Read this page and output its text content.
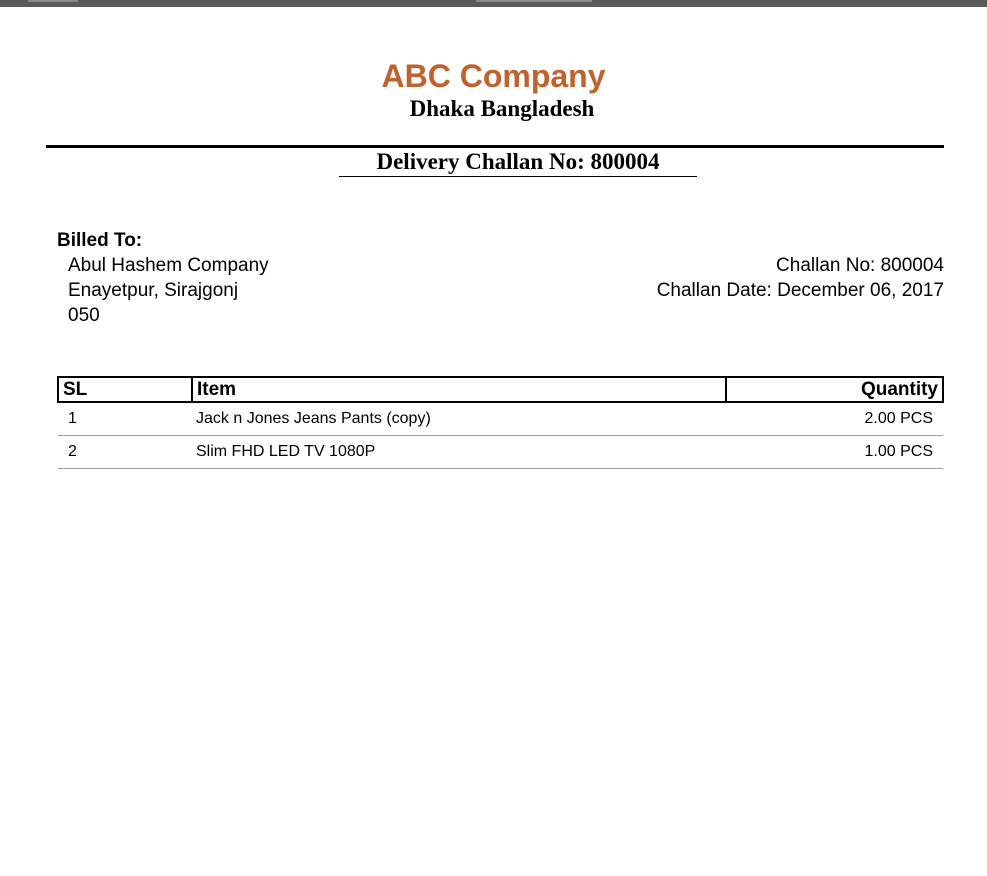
ABC Company
Dhaka Bangladesh
Delivery Challan No: 800004
Billed To:
Abul Hashem Company
Enayetpur, Sirajgonj
050
Challan No: 800004
Challan Date: December 06, 2017
SL	Item	Quantity
1	Jack n Jones Jeans Pants (copy)	2.00 PCS
2	Slim FHD LED TV 1080P	1.00 PCS
